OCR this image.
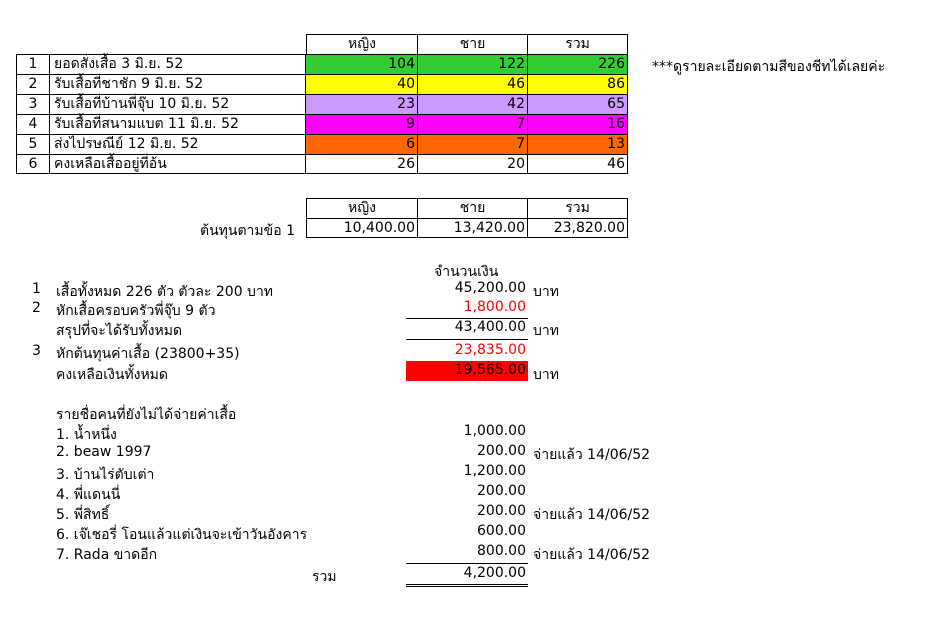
หญิง	ชาย	รวม
1	ยอดสั่งเสื้อ 3 มิ.ย. 52	104	122	226
2	รับเสื้อที่ชาชัก 9 มิ.ย. 52	40	46	86
3	รับเสื้อที่บ้านพี่จุ๊บ 10 มิ.ย. 52	23	42	65
4	รับเสื้อที่สนามแบต 11 มิ.ย. 52	9	7	16
5	ส่งไปรษณีย์ 12 มิ.ย. 52	6	7	13
6	คงเหลือเสื้ออยู่ที่อ้น	26	20	46
***ดูรายละเอียดตามสีของชีทได้เลยค่ะ
หญิง	ชาย	รวม
ต้นทุนตามข้อ 1	10,400.00	13,420.00	23,820.00
จำนวนเงิน
1 เสื้อทั้งหมด 226 ตัว ตัวละ 200 บาท	45,200.00 บาท
2 หักเสื้อครอบครัวพี่จุ๊บ 9 ตัว	1,800.00
สรุปที่จะได้รับทั้งหมด	43,400.00 บาท
3 หักต้นทุนค่าเสื้อ (23800+35)	23,835.00
คงเหลือเงินทั้งหมด	19,565.00 บาท
รายชื่อคนที่ยังไม่ได้จ่ายค่าเสื้อ
1. น้ำหนึ่ง	1,000.00
2. beaw 1997	200.00 จ่ายแล้ว 14/06/52
3. บ้านไร่ตับเต่า	1,200.00
4. พี่แดนนี่	200.00
5. พี่สิทธิ์	200.00 จ่ายแล้ว 14/06/52
6. เจ๊เชอรี่ โอนแล้วแต่เงินจะเข้าวันอังคาร	600.00
7. Rada ขาดอีก	800.00 จ่ายแล้ว 14/06/52
รวม	4,200.00
